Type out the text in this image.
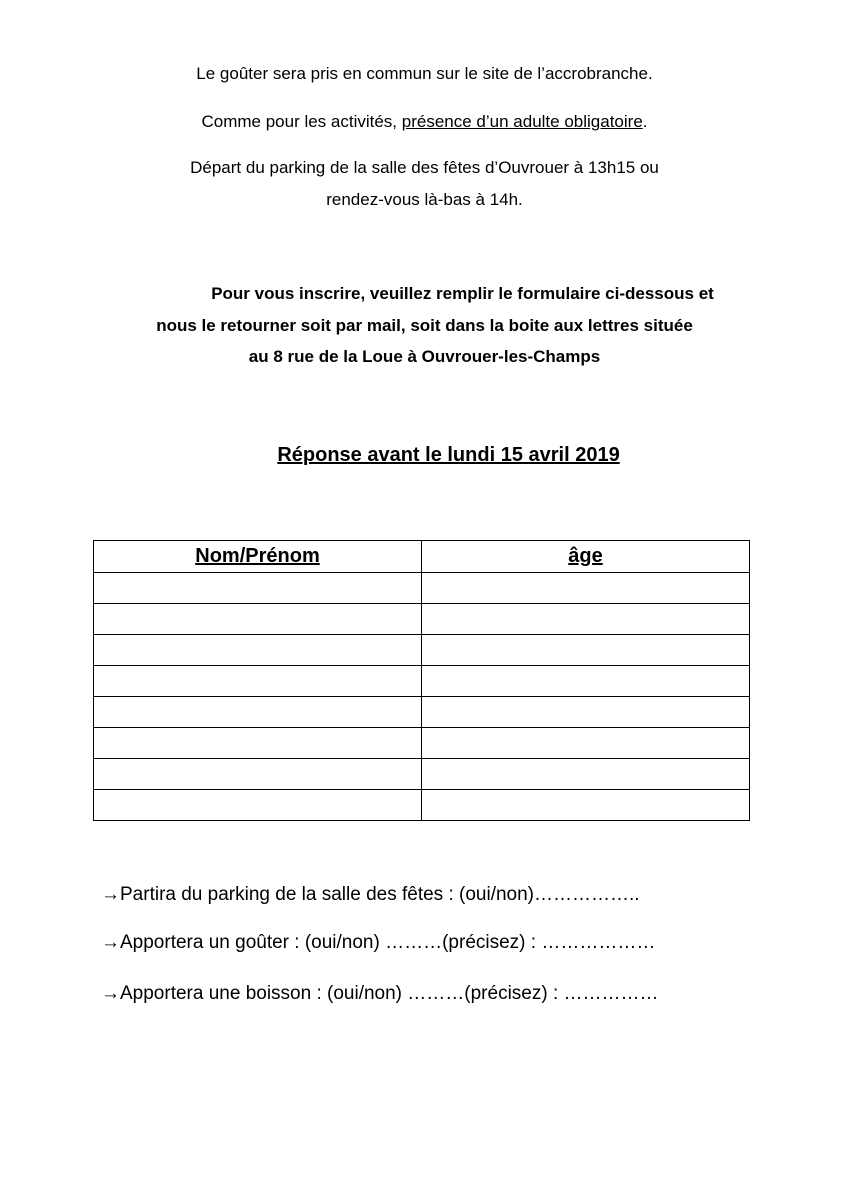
Le goûter sera pris en commun sur le site de l’accrobranche.
Comme pour les activités, présence d’un adulte obligatoire.
Départ du parking de la salle des fêtes d’Ouvrouer à 13h15 ou
rendez-vous là-bas à 14h.
Pour vous inscrire, veuillez remplir le formulaire ci-dessous et
nous le retourner soit par mail, soit dans la boite aux lettres située
au 8 rue de la Loue à Ouvrouer-les-Champs
Réponse avant le lundi 15 avril 2019
Nom/Prénom	âge

→Partira du parking de la salle des fêtes : (oui/non)……………..
→Apportera un goûter : (oui/non) ………(précisez) : ………………
→Apportera une boisson : (oui/non) ………(précisez) : ……………
